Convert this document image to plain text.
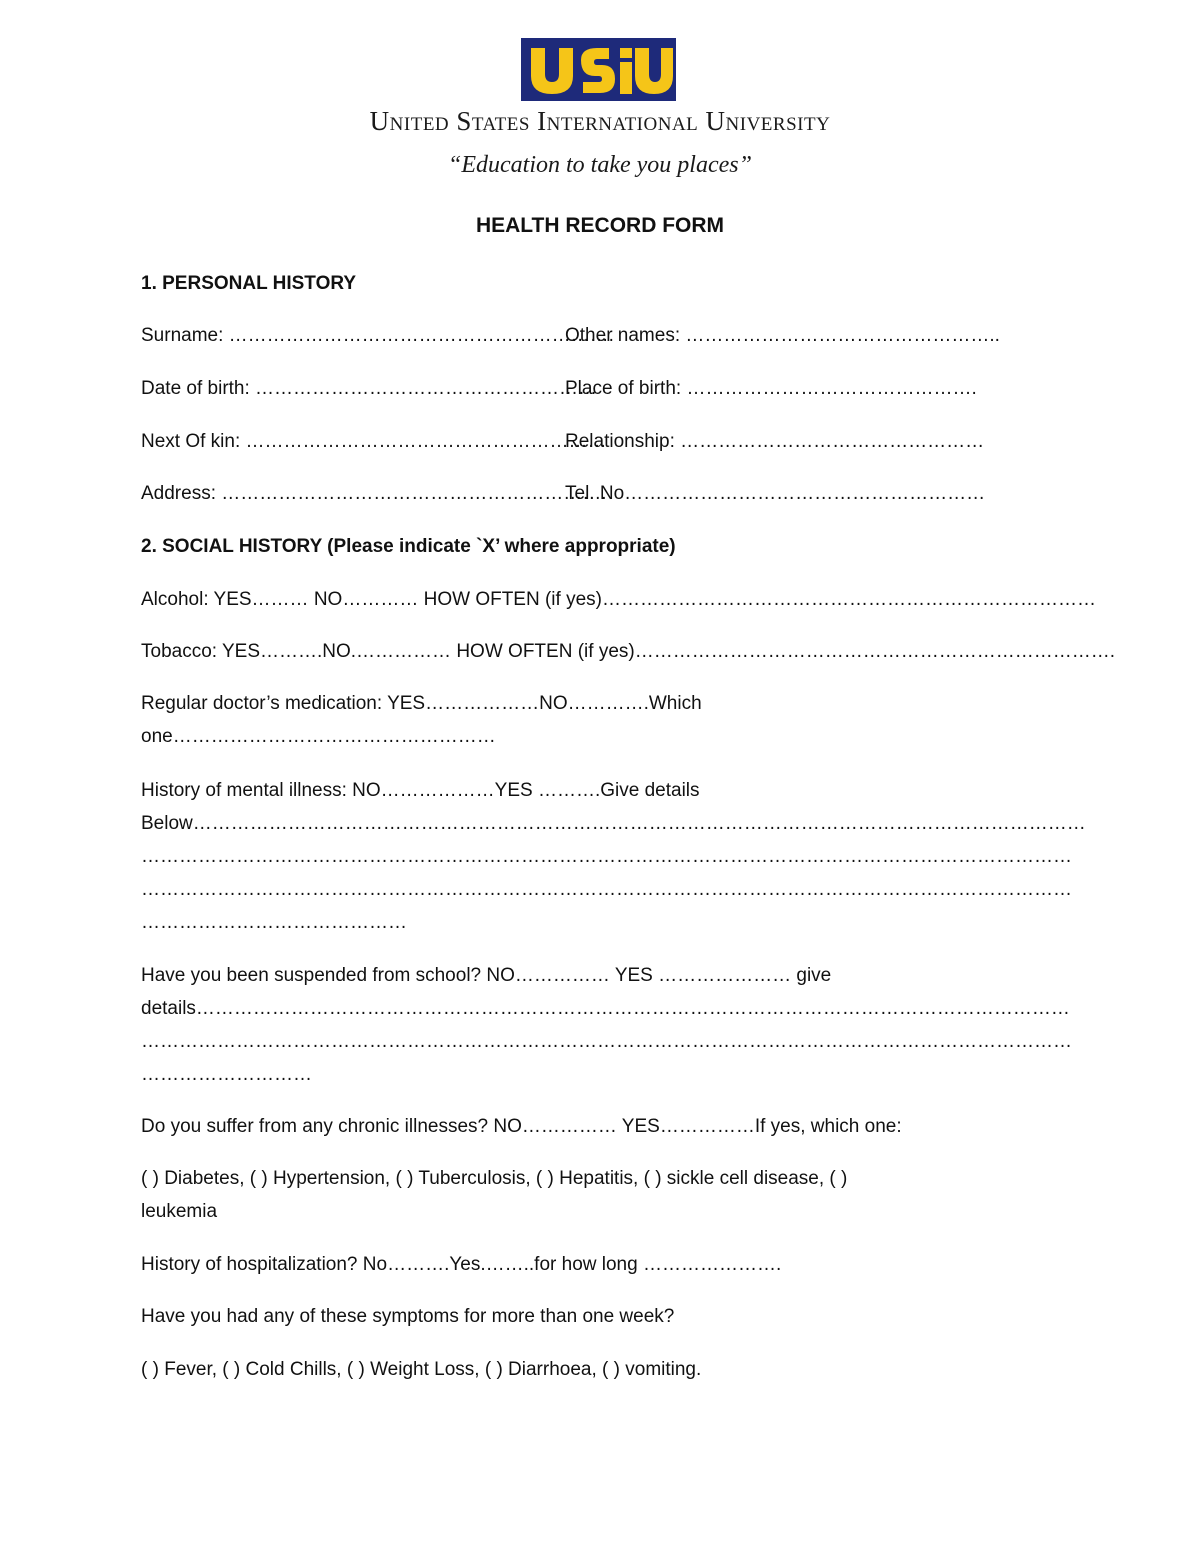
United States International University
“Education to take you places”
HEALTH RECORD FORM
1. PERSONAL HISTORY
Surname: …………………………………………………….
Other names: …………………………………………..
Date of birth: ………………………………………………
Place of birth: ……………………………………….
Next Of kin: …………………………………………………
Relationship: …………………………………………
Address: …………………………………………………….
Tel. No…………………………………………………
2. SOCIAL HISTORY (Please indicate `X’ where appropriate)
Alcohol: YES……… NO………… HOW OFTEN (if yes)……………………………………………………………………
Tobacco: YES……….NO.…………… HOW OFTEN (if yes)………………………………………………………………….
Regular doctor’s medication: YES………………NO………….Which
one……………………………………………
History of mental illness: NO………………YES ……….Give details
Below……………………………………………………………………………………………………………………………
…………………………………………………………………………………………………………………………………
…………………………………………………………………………………………………………………………………
……………………………………
Have you been suspended from school? NO…………… YES ………………… give
details…………………………………………………………………………………………………………………………
…………………………………………………………………………………………………………………………………
………………………
Do you suffer from any chronic illnesses? NO…………… YES……………If yes, which one:
( ) Diabetes, ( ) Hypertension, ( ) Tuberculosis, ( ) Hepatitis, ( ) sickle cell disease, ( )
leukemia
History of hospitalization? No……….Yes.……..for how long ………………….
Have you had any of these symptoms for more than one week?
( ) Fever, ( ) Cold Chills, ( ) Weight Loss, ( ) Diarrhoea, ( ) vomiting.
